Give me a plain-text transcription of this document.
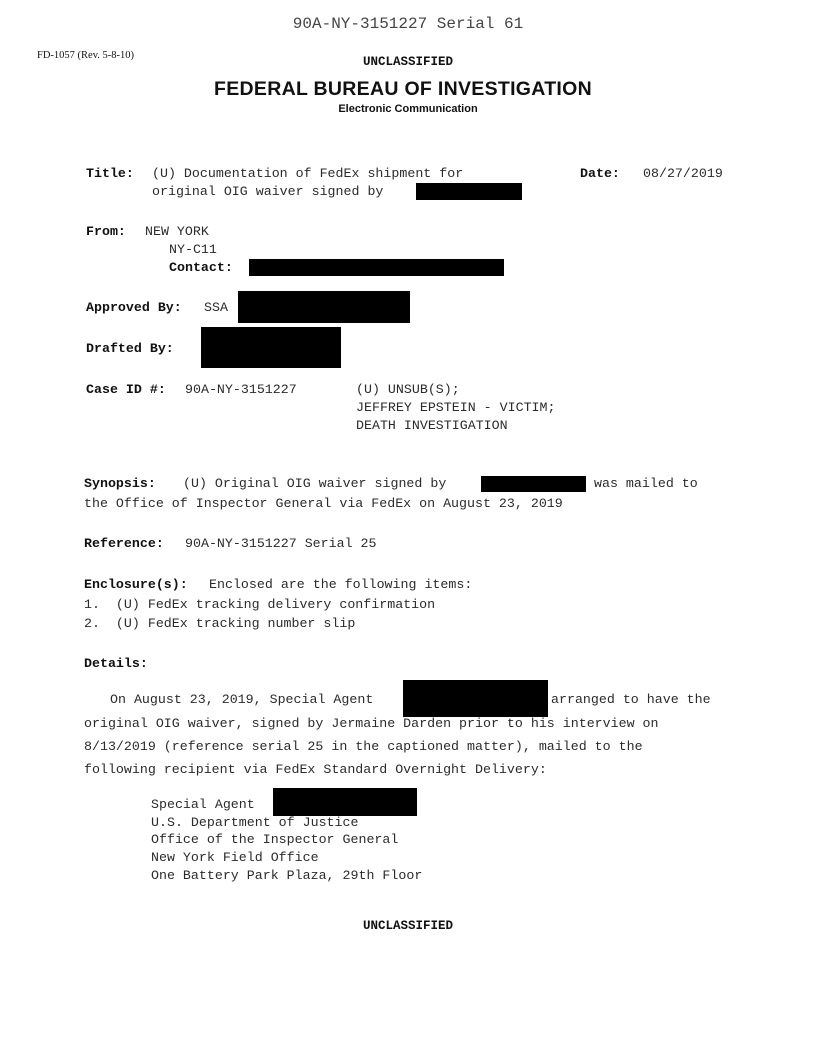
90A-NY-3151227 Serial 61
FD-1057 (Rev. 5-8-10)	UNCLASSIFIED
FEDERAL BUREAU OF INVESTIGATION
Electronic Communication
Title: (U) Documentation of FedEx shipment for
original OIG waiver signed by
Date: 08/27/2019
From: NEW YORK
NY-C11
Contact:
Approved By: SSA
Drafted By:
Case ID #: 90A-NY-3151227	(U) UNSUB(S);
JEFFREY EPSTEIN - VICTIM;
DEATH INVESTIGATION
Synopsis: (U) Original OIG waiver signed by	was mailed to
the Office of Inspector General via FedEx on August 23, 2019
Reference: 90A-NY-3151227 Serial 25
Enclosure(s): Enclosed are the following items:
1.  (U) FedEx tracking delivery confirmation
2.  (U) FedEx tracking number slip
Details:
On August 23, 2019, Special Agent	arranged to have the
original OIG waiver, signed by Jermaine Darden prior to his interview on
8/13/2019 (reference serial 25 in the captioned matter), mailed to the
following recipient via FedEx Standard Overnight Delivery:
Special Agent
U.S. Department of Justice
Office of the Inspector General
New York Field Office
One Battery Park Plaza, 29th Floor
UNCLASSIFIED
